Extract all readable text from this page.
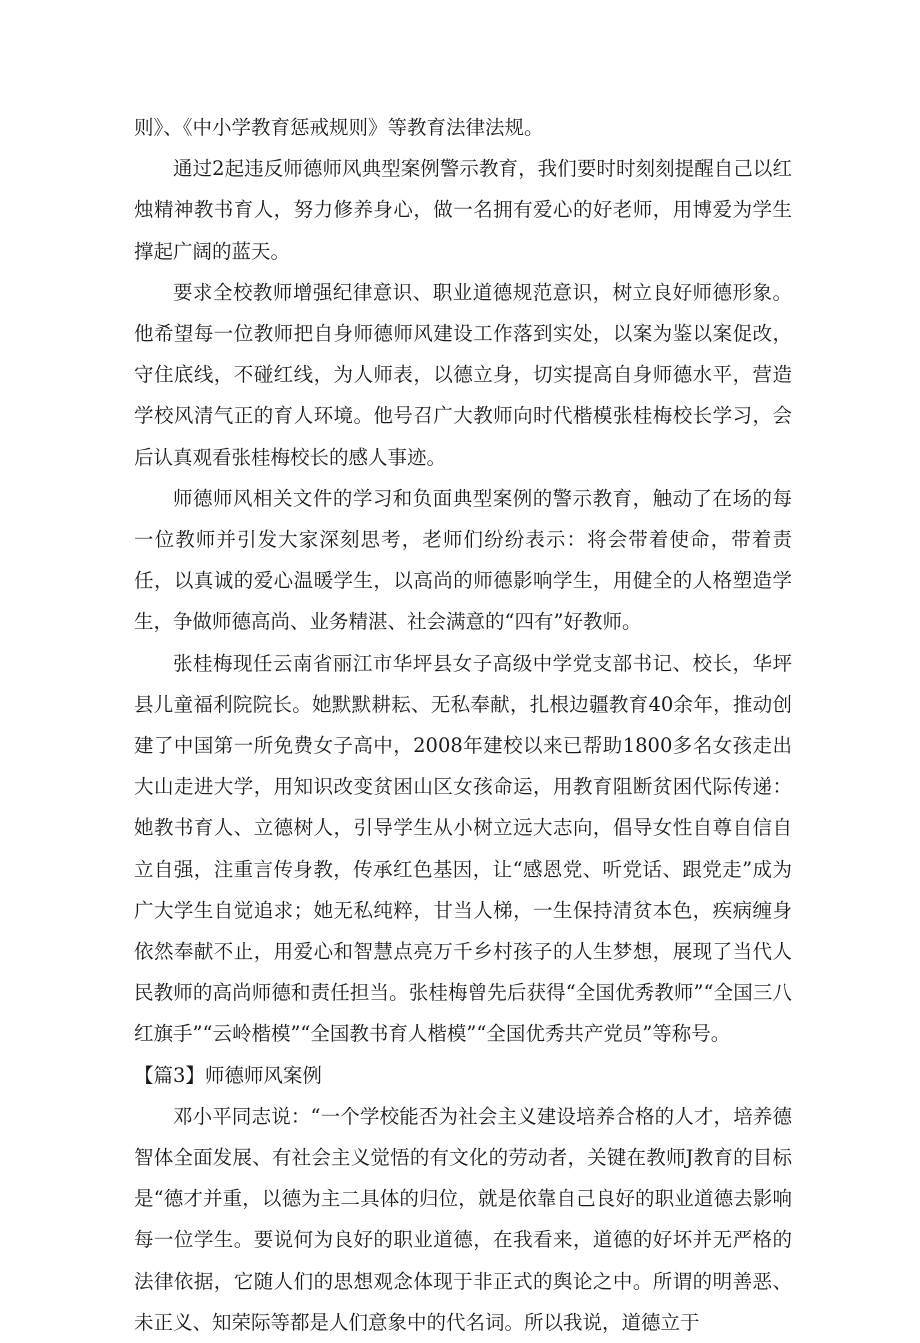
则》、《中小学教育惩戒规则》等教育法律法规。

通过2起违反师德师风典型案例警示教育，我们要时时刻刻提醒自己以红烛精神教书育人，努力修养身心，做一名拥有爱心的好老师，用博爱为学生撑起广阔的蓝天。

要求全校教师增强纪律意识、职业道德规范意识，树立良好师德形象。他希望每一位教师把自身师德师风建设工作落到实处，以案为鉴以案促改，守住底线，不碰红线，为人师表，以德立身，切实提高自身师德水平，营造学校风清气正的育人环境。他号召广大教师向时代楷模张桂梅校长学习，会后认真观看张桂梅校长的感人事迹。

师德师风相关文件的学习和负面典型案例的警示教育，触动了在场的每一位教师并引发大家深刻思考，老师们纷纷表示：将会带着使命，带着责任，以真诚的爱心温暖学生，以高尚的师德影响学生，用健全的人格塑造学生，争做师德高尚、业务精湛、社会满意的“四有”好教师。

张桂梅现任云南省丽江市华坪县女子高级中学党支部书记、校长，华坪县儿童福利院院长。她默默耕耘、无私奉献，扎根边疆教育40余年，推动创建了中国第一所免费女子高中，2008年建校以来已帮助1800多名女孩走出大山走进大学，用知识改变贫困山区女孩命运，用教育阻断贫困代际传递：她教书育人、立德树人，引导学生从小树立远大志向，倡导女性自尊自信自立自强，注重言传身教，传承红色基因，让“感恩党、听党话、跟党走”成为广大学生自觉追求；她无私纯粹，甘当人梯，一生保持清贫本色，疾病缠身依然奉献不止，用爱心和智慧点亮万千乡村孩子的人生梦想，展现了当代人民教师的高尚师德和责任担当。张桂梅曾先后获得“全国优秀教师”“全国三八红旗手”“云岭楷模”“全国教书育人楷模”“全国优秀共产党员”等称号。

【篇3】师德师风案例

邓小平同志说：“一个学校能否为社会主义建设培养合格的人才，培养德智体全面发展、有社会主义觉悟的有文化的劳动者，关键在教师J教育的目标是“德才并重，以德为主二具体的归位，就是依靠自己良好的职业道德去影响每一位学生。要说何为良好的职业道德，在我看来，道德的好坏并无严格的法律依据，它随人们的思想观念体现于非正式的舆论之中。所谓的明善恶、未正义、知荣际等都是人们意象中的代名词。所以我说，道德立于
